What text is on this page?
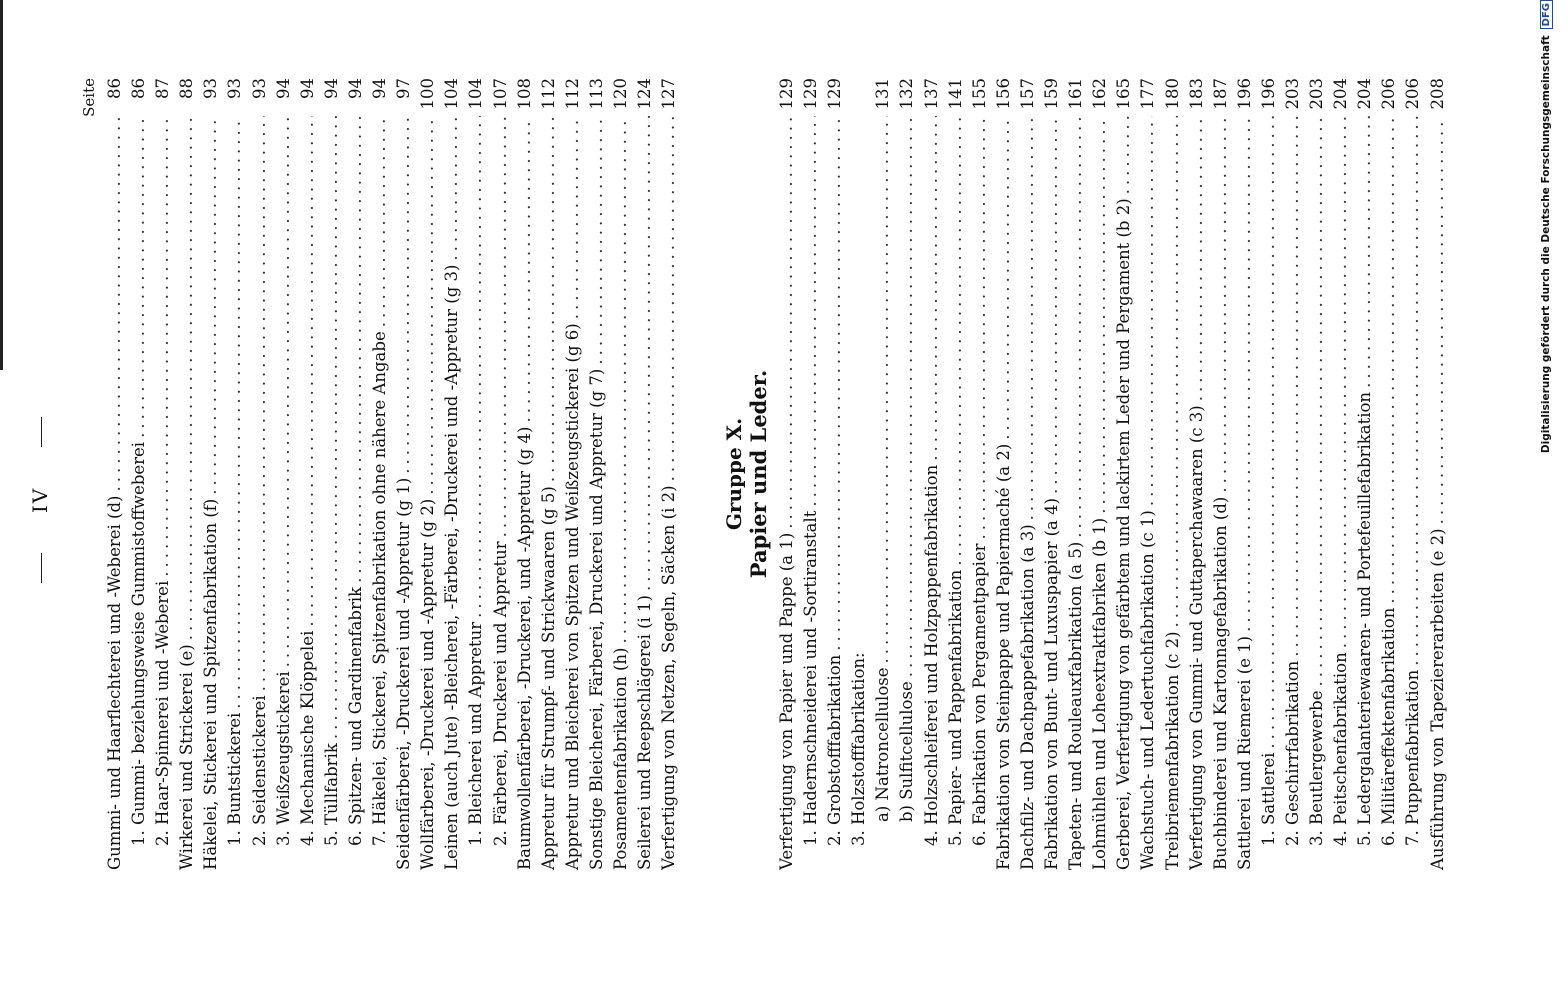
IV
Seite
Gummi- und Haarflechterei und -Weberei (d)
.....
86
1. Gummi- beziehungsweise Gummistoffweberei
.....
86
2. Haar-Spinnerei und -Weberei
.....
87
Wirkerei und Strickerei (e)
.....
88
Häkelei, Stickerei und Spitzenfabrikation (f)
.....
93
1. Buntstickerei
.....
93
2. Seidenstickerei
.....
93
3. Weißzeugstickerei
.....
94
4. Mechanische Klöppelei
.....
94
5. Tüllfabrik
.....
94
6. Spitzen- und Gardinenfabrik
.....
94
7. Häkelei, Stickerei, Spitzenfabrikation ohne nähere Angabe
.....
94
Seidenfärberei, -Druckerei und -Appretur (g 1)
.....
97
Wollfärberei, -Druckerei und -Appretur (g 2)
.....
100
Leinen (auch Jute) -Bleicherei, -Färberei, -Druckerei und -Appretur (g 3)
.....
104
1. Bleicherei und Appretur
.....
104
2. Färberei, Druckerei und Appretur
.....
107
Baumwollenfärberei, -Druckerei, und -Appretur (g 4)
.....
108
Appretur für Strumpf- und Strickwaaren (g 5)
.....
112
Appretur und Bleicherei von Spitzen und Weißzeugstickerei (g 6)
.....
112
Sonstige Bleicherei, Färberei, Druckerei und Appretur (g 7)
.....
113
Posamentenfabrikation (h)
.....
120
Seilerei und Reepschlägerei (i 1)
.....
124
Verfertigung von Netzen, Segeln, Säcken (i 2)
.....
127
Gruppe X. Papier und Leder.
Verfertigung von Papier und Pappe (a 1)
.....
129
1. Hadernschneiderei und -Sortiranstalt
.....
129
2. Grobstofffabrikation
.....
129
3. Holzstofffabrikation: a) Natroncellulose
.....
131
b) Sulfitcellulose
.....
132
4. Holzschleiferei und Holzpappenfabrikation
.....
137
5. Papier- und Pappenfabrikation
.....
141
6. Fabrikation von Pergamentpapier
.....
155
Fabrikation von Steinpappe und Papiermaché (a 2)
.....
156
Dachfilz- und Dachpappefabrikation (a 3)
.....
157
Fabrikation von Bunt- und Luxuspapier (a 4)
.....
159
Tapeten- und Rouleauxfabrikation (a 5)
.....
161
Lohmühlen und Loheextraktfabriken (b 1)
.....
162
Gerberei, Verfertigung von gefärbtem und lackirtem Leder und Pergament (b 2)
.....
165
Wachstuch- und Ledertuchfabrikation (c 1)
.....
177
Treibriemenfabrikation (c 2)
.....
180
Verfertigung von Gummi- und Guttaperchawaaren (c 3)
.....
183
Buchbinderei und Kartonnagefabrikation (d)
.....
187
Sattlerei und Riemerei (e 1)
.....
196
1. Sattlerei
.....
196
2. Geschirrfabrikation
.....
203
3. Beutlergewerbe
.....
203
4. Peitschenfabrikation
.....
204
5. Ledergalanteriewaaren- und Portefeuillefabrikation
.....
204
6. Militäreffektenfabrikation
.....
206
7. Puppenfabrikation
.....
206
Ausführung von Tapeziererarbeiten (e 2)
.....
208	Digitalisierung gefördert durch die Deutsche Forschungsgemeinschaft
DFG
